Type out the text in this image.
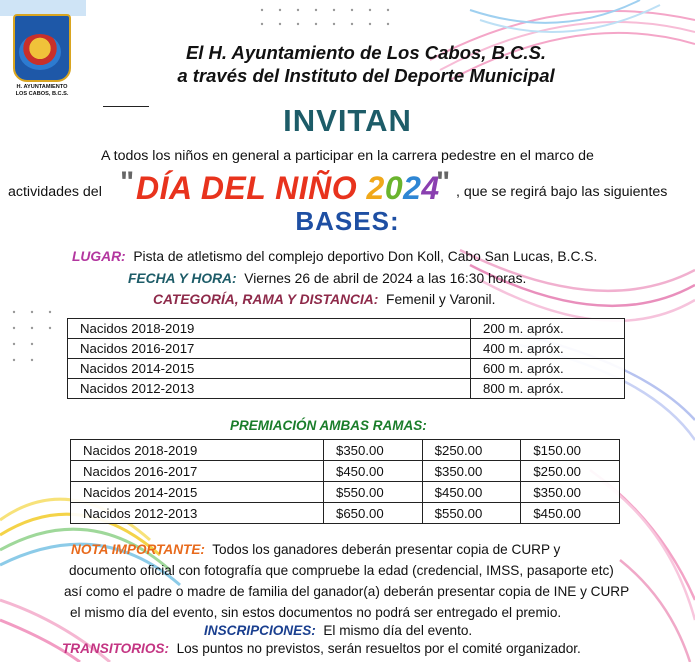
H. AYUNTAMIENTO
LOS CABOS, B.C.S.
El H. Ayuntamiento de Los Cabos, B.C.S.
a través del Instituto del Deporte Municipal
INVITAN
A todos los niños en general a participar en la carrera pedestre en el marco de
actividades del " DÍA DEL NIÑO 2024
" , que se regirá bajo las siguientes
BASES:
LUGAR: Pista de atletismo del complejo deportivo Don Koll, Cabo San Lucas, B.C.S.
FECHA Y HORA: Viernes 26 de abril de 2024 a las 16:30 horas.
CATEGORÍA, RAMA Y DISTANCIA: Femenil y Varonil.
Nacidos 2018-2019	200 m. apróx.
Nacidos 2016-2017	400 m. apróx.
Nacidos 2014-2015	600 m. apróx.
Nacidos 2012-2013	800 m. apróx.
PREMIACIÓN AMBAS RAMAS:
Nacidos 2018-2019	$350.00	$250.00	$150.00
Nacidos 2016-2017	$450.00	$350.00	$250.00
Nacidos 2014-2015	$550.00	$450.00	$350.00
Nacidos 2012-2013	$650.00	$550.00	$450.00
NOTA IMPORTANTE: Todos los ganadores deberán presentar copia de CURP y
documento oficial con fotografía que compruebe la edad (credencial, IMSS, pasaporte etc)
así como el padre o madre de familia del ganador(a) deberán presentar copia de INE y CURP
el mismo día del evento, sin estos documentos no podrá ser entregado el premio.
INSCRIPCIONES: El mismo día del evento.
TRANSITORIOS: Los puntos no previstos, serán resueltos por el comité organizador.
